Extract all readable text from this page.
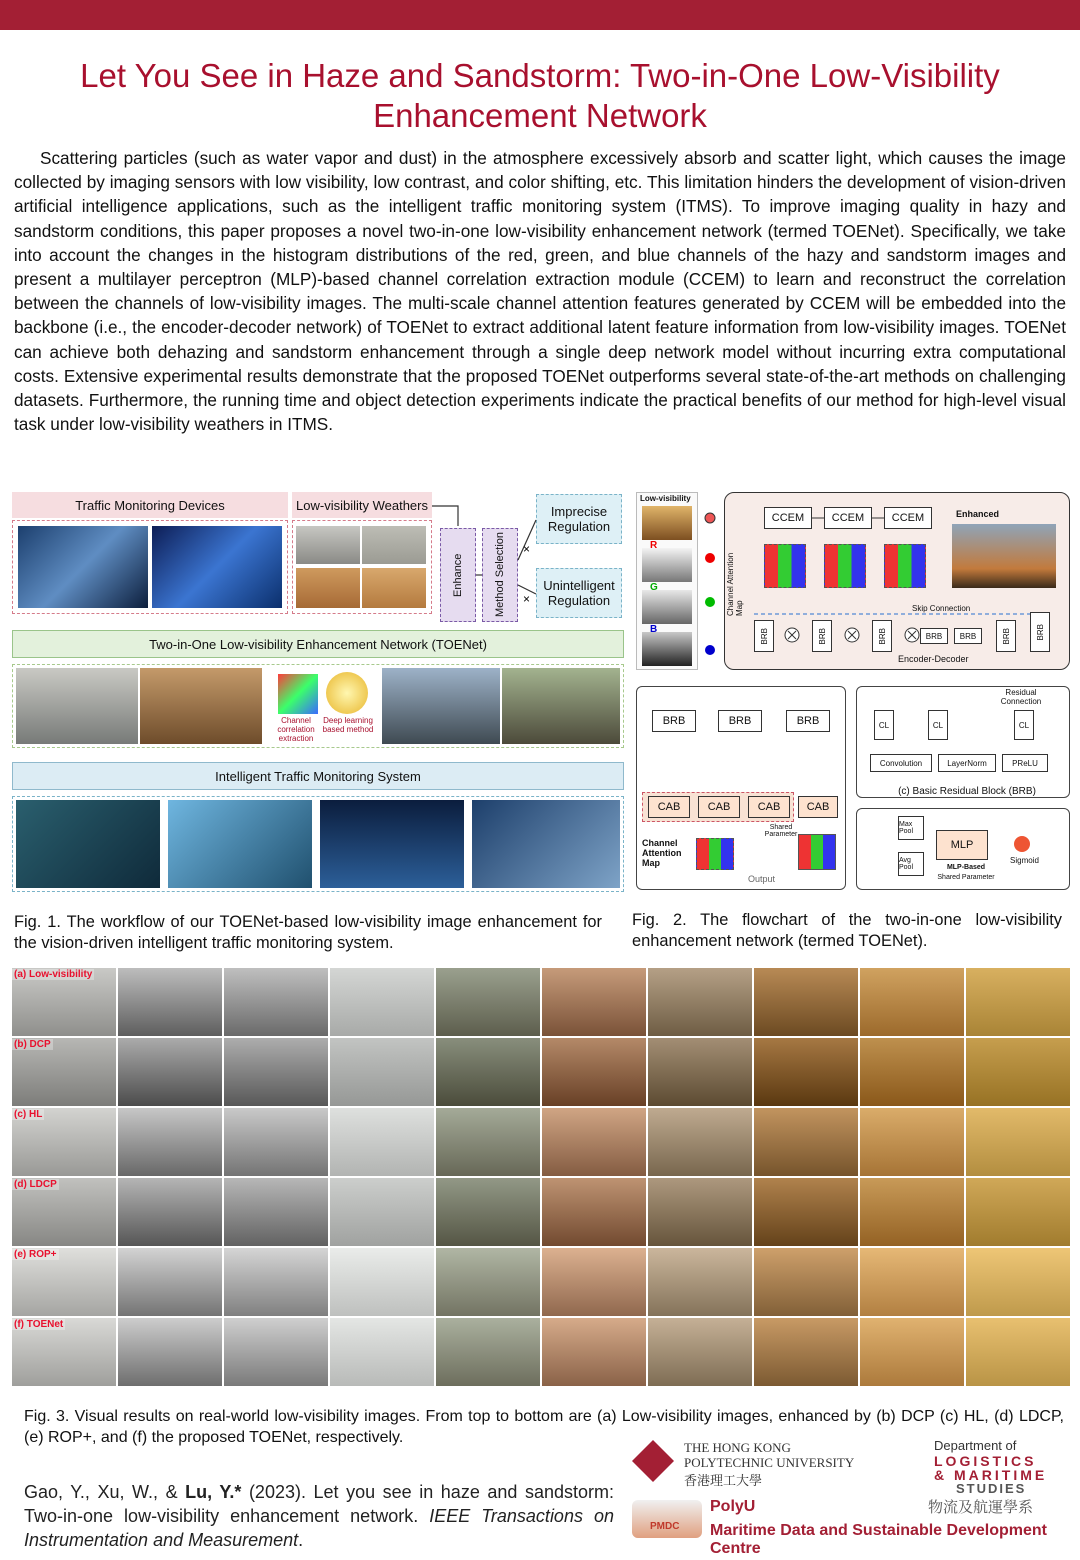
Let You See in Haze and Sandstorm: Two-in-One Low-Visibility
Enhancement Network
Scattering particles (such as water vapor and dust) in the atmosphere excessively absorb and scatter light, which causes the image collected by imaging sensors with low visibility, low contrast, and color shifting, etc. This limitation hinders the development of vision-driven artificial intelligence applications, such as the intelligent traffic monitoring system (ITMS). To improve imaging quality in hazy and sandstorm conditions, this paper proposes a novel two-in-one low-visibility enhancement network (termed TOENet). Specifically, we take into account the changes in the histogram distributions of the red, green, and blue channels of the hazy and sandstorm images and present a multilayer perceptron (MLP)-based channel correlation extraction module (CCEM) to learn and reconstruct the correlation between the channels of low-visibility images. The multi-scale channel attention features generated by CCEM will be embedded into the backbone (i.e., the encoder-decoder network) of TOENet to extract additional latent feature information from low-visibility images. TOENet can achieve both dehazing and sandstorm enhancement through a single deep network model without incurring extra computational costs. Extensive experimental results demonstrate that the proposed TOENet outperforms several state-of-the-art methods on challenging datasets. Furthermore, the running time and object detection experiments indicate the practical benefits of our method for high-level visual task under low-visibility weathers in ITMS.
Traffic Monitoring Devices	Low-visibility Weathers
Enhance	Method Selection
Imprecise Regulation
Unintelligent Regulation
×
×
Two-in-One Low-visibility Enhancement Network (TOENet)
Channel correlation extraction
Deep learning based method
Intelligent Traffic Monitoring System
Fig. 1. The workflow of our TOENet-based low-visibility image enhancement for the vision-driven intelligent traffic monitoring system.
Low-visibility
R
G
B
CCEM	CCEM	CCEM	Enhanced
Channel Attention Map	Skip Connection
BRB	BRB	BRB	BRB BRB	BRB	BRB
Encoder-Decoder
BRB	BRB	BRB
CAB CAB CAB CAB
Shared Parameter
Channel Attention Map
Output
Residual Connection
CL	CL	CL
Convolution	LayerNorm	PReLU
(c) Basic Residual Block (BRB)
Max Pool
Avg Pool
MLP
MLP-Based
Shared Parameter
Sigmoid
Fig. 2. The flowchart of the two-in-one low-visibility enhancement network (termed TOENet).
(a) Low-visibility
(b) DCP
(c) HL
(d) LDCP
(e) ROP+
(f) TOENet
Fig. 3. Visual results on real-world low-visibility images. From top to bottom are (a) Low-visibility images, enhanced by (b) DCP (c) HL, (d) LDCP, (e) ROP+, and (f) the proposed TOENet, respectively.
THE HONG KONG
POLYTECHNIC UNIVERSITY
香港理工大學
Department of
LOGISTICS
& MARITIME
STUDIES
物流及航運學系
PMDC
PolyU
Maritime Data and Sustainable Development Centre
Gao, Y., Xu, W., & Lu, Y.* (2023). Let you see in haze and sandstorm: Two-in-one low-visibility enhancement network. IEEE Transactions on Instrumentation and Measurement.
